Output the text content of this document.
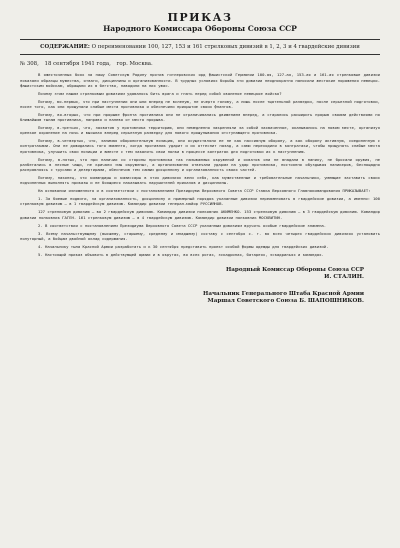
ПРИКАЗ
Народного Комиссара Обороны Союза ССР
СОДЕРЖАНИЕ: О переименовании 100, 127, 153 и 161 стрелковых дивизий в 1, 2, 3 и 4 гвардейские дивизии
№ 308, 18 сентября 1941 года, гор. Москва.

В ожесточенных боях за нашу Советскую Родину против гитлеровских орд фашистской Германии 100-ая, 127-ая, 153-ая и 161-ая стрелковые дивизии показали образцы мужества, отваги, дисциплины и организованности. В трудных условиях борьбы эти дивизии неоднократно наносили жестокие поражения немецко-фашистским войскам, обращали их в бегство, наводили на них ужас.

Почему этим нашим стрелковым дивизиям удавалось бить врага и гнать перед собой хваленое немецкое войско?

Потому, во-первых, что при наступлении они шли вперед не вслепую, не очертя голову, а лишь после тщательной разведки, после серьезной подготовки, после того, как они прощупали слабые места противника и обеспечили прикрытие своих флангов.

Потому, во-вторых, что при прорыве фронта противника они не ограничивались движением вперед, а старались расширить прорыв своими действиями по ближайшим тылам противника, направо и налево от места прорыва.

Потому, в-третьих, что, захватив у противника территорию, они немедленно закрепляли за собой захваченное, окапывались на новом месте, организуя крепкое охранение на ночь и высылая вперед серьезную разведку для нового прощупывания отступающего противника.

Потому, в-четвертых, что, занимая оборонительную позицию, они осуществляли ее не как пассивную оборону, а как оборону активную, соединенную с контратаками. Они не дожидались того момента, когда противник ударит и их оттеснит назад, а сами переходили в контратаки, чтобы прощупать слабые места противника, улучшить свои позиции и вместе с тем закалить свои полки в процессе контратак для подготовки их к наступлению.

Потому, в-пятых, что при наличии со стороны противника так называемых окружений и охватов они не впадали в панику, не бросали оружия, не разбегались в лесные чащи, не кричали «мы окружены», а организованно отвечали ударом на удар противника, постоянно обуздывая паникеров, беспощадно расправляясь с трусами и дезертирами, обеспечив тем самым дисциплину и организованность своих частей.

Потому, наконец, что командиры и комиссары в этих дивизиях вели себя, как мужественные и требовательные начальники, умеющие заставить своих подчиненных выполнять приказы и не боящиеся наказывать нарушителей приказов и дисциплины.

На основании изложенного и в соответствии с постановлением Президиума Верховного Совета СССР Ставка Верховного Главнокомандования ПРИКАЗЫВАЕТ:

1. За боевые подвиги, за организованность, дисциплину и примерный порядок указанные дивизии переименовать в гвардейские дивизии, а именно: 100 стрелковую дивизию — в 1 гвардейскую дивизию. Командир дивизии генерал-майор РУССИЯНОВ.

127 стрелковую дивизию — во 2 гвардейскую дивизию. Командир дивизии полковник АКИМЕНКО. 153 стрелковую дивизию — в 3 гвардейскую дивизию. Командир дивизии полковник ГАГЕН. 161 стрелковую дивизию — в 4 гвардейскую дивизию. Командир дивизии полковник МОСКВИТИН.

2. В соответствии с постановлением Президиума Верховного Совета СССР указанным дивизиям вручить особые гвардейские знамена.

3. Всему начальствующему (высшему, старшему, среднему и младшему) составу с сентября с. г. во всех четырех гвардейских дивизиях установить полуторный, а бойцам двойной оклад содержания.

4. Начальнику тыла Красной Армии разработать и к 30 сентября представить проект особой формы одежды для гвардейских дивизий.

5. Настоящий приказ объявить в действующей армии и в округах, во всех ротах, эскадронах, батареях, эскадрильях и командах.

Народный Комиссар Обороны Союза ССР
И. СТАЛИН.
Начальник Генерального Штаба Красной Армии
Маршал Советского Союза Б. ШАПОШНИКОВ.
